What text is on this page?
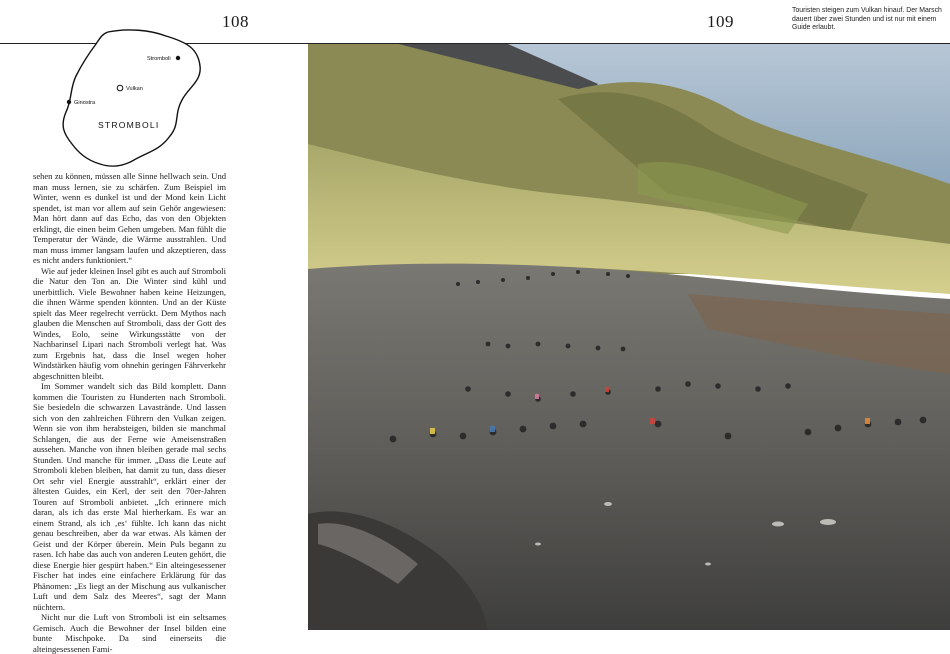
108
Stromboli
Vulkan
Ginostra
STROMBOLI

sehen zu können, müssen alle Sinne hellwach sein. Und man muss lernen, sie zu schärfen. Zum Beispiel im Winter, wenn es dunkel ist und der Mond kein Licht spendet, ist man vor allem auf sein Gehör angewiesen: Man hört dann auf das Echo, das von den Objekten erklingt, die einen beim Gehen umgeben. Man fühlt die Temperatur der Wände, die Wärme ausstrahlen. Und man muss immer langsam laufen und akzeptieren, dass es nicht anders funktioniert.“

Wie auf jeder kleinen Insel gibt es auch auf Stromboli die Natur den Ton an. Die Winter sind kühl und unerbittlich. Viele Bewohner haben keine Heizungen, die ihnen Wärme spenden könnten. Und an der Küste spielt das Meer regelrecht verrückt. Dem Mythos nach glauben die Menschen auf Stromboli, dass der Gott des Windes, Eolo, seine Wirkungsstätte von der Nachbarinsel Lipari nach Stromboli verlegt hat. Was zum Ergebnis hat, dass die Insel wegen hoher Windstärken häufig vom ohnehin geringen Fährverkehr abgeschnitten bleibt.

Im Sommer wandelt sich das Bild komplett. Dann kommen die Touristen zu Hunderten nach Stromboli. Sie besiedeln die schwarzen Lavastrände. Und lassen sich von den zahlreichen Führern den Vulkan zeigen. Wenn sie von ihm herabsteigen, bilden sie manchmal Schlangen, die aus der Ferne wie Ameisenstraßen aussehen. Manche von ihnen bleiben gerade mal sechs Stunden. Und manche für immer. „Dass die Leute auf Stromboli kleben bleiben, hat damit zu tun, dass dieser Ort sehr viel Energie ausstrahlt“, erklärt einer der ältesten Guides, ein Kerl, der seit den 70er-Jahren Touren auf Stromboli anbietet. „Ich erinnere mich daran, als ich das erste Mal hierherkam. Es war an einem Strand, als ich ‚es‘ fühlte. Ich kann das nicht genau beschreiben, aber da war etwas. Als kämen der Geist und der Körper überein. Mein Puls begann zu rasen. Ich habe das auch von anderen Leuten gehört, die diese Energie hier gespürt haben.“ Ein alteingesessener Fischer hat indes eine einfachere Erklärung für das Phänomen: „Es liegt an der Mischung aus vulkanischer Luft und dem Salz des Meeres“, sagt der Mann nüchtern.

Nicht nur die Luft von Stromboli ist ein seltsames Gemisch. Auch die Bewohner der Insel bilden eine bunte Mischpoke. Da sind einerseits die alteingesessenen Fami-

109
Touristen steigen zum Vulkan hinauf. Der Marsch dauert über zwei Stunden und ist nur mit einem Guide erlaubt.
